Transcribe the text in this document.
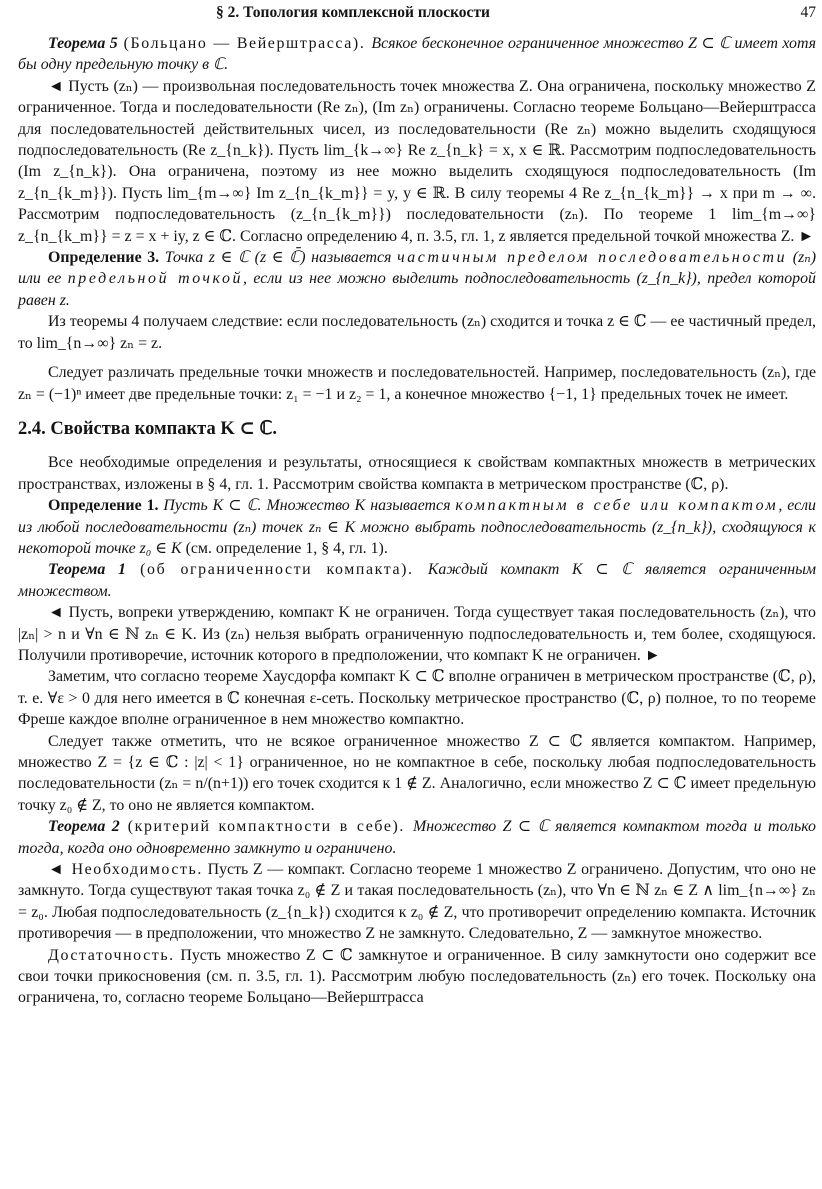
§ 2. Топология комплексной плоскости	47

Теорема 5 (Больцано — Вейерштрасса). Всякое бесконечное ограниченное множество Z ⊂ ℂ имеет хотя бы одну предельную точку в ℂ.

◄ Пусть (zₙ) — произвольная последовательность точек множества Z. Она ограничена, поскольку множество Z ограниченное. Тогда и последовательности (Re zₙ), (Im zₙ) ограничены. Согласно теореме Больцано—Вейерштрасса для последовательностей действительных чисел, из последовательности (Re zₙ) можно выделить сходящуюся подпоследовательность (Re z_{n_k}). Пусть lim_{k→∞} Re z_{n_k} = x, x ∈ ℝ. Рассмотрим подпоследовательность (Im z_{n_k}). Она ограничена, поэтому из нее можно выделить сходящуюся подпоследовательность (Im z_{n_{k_m}}). Пусть lim_{m→∞} Im z_{n_{k_m}} = y, y ∈ ℝ. В силу теоремы 4 Re z_{n_{k_m}} → x при m → ∞. Рассмотрим подпоследовательность (z_{n_{k_m}}) последовательности (zₙ). По теореме 1 lim_{m→∞} z_{n_{k_m}} = z = x + iy, z ∈ ℂ. Согласно определению 4, п. 3.5, гл. 1, z является предельной точкой множества Z. ►

Определение 3. Точка z ∈ ℂ (z ∈ ℂ̄) называется частичным пределом последовательности (zₙ) или ее предельной точкой, если из нее можно выделить подпоследовательность (z_{n_k}), предел которой равен z.

Из теоремы 4 получаем следствие: если последовательность (zₙ) сходится и точка z ∈ ℂ — ее частичный предел, то lim_{n→∞} zₙ = z.

Следует различать предельные точки множеств и последовательностей. Например, последовательность (zₙ), где zₙ = (−1)ⁿ имеет две предельные точки: z₁ = −1 и z₂ = 1, а конечное множество {−1, 1} предельных точек не имеет.

2.4. Свойства компакта K ⊂ ℂ.

Все необходимые определения и результаты, относящиеся к свойствам компактных множеств в метрических пространствах, изложены в § 4, гл. 1. Рассмотрим свойства компакта в метрическом пространстве (ℂ, ρ).

Определение 1. Пусть K ⊂ ℂ. Множество K называется компактным в себе или компактом, если из любой последовательности (zₙ) точек zₙ ∈ K можно выбрать подпоследовательность (z_{n_k}), сходящуюся к некоторой точке z₀ ∈ K (см. определение 1, § 4, гл. 1).

Теорема 1 (об ограниченности компакта). Каждый компакт K ⊂ ℂ является ограниченным множеством.

◄ Пусть, вопреки утверждению, компакт K не ограничен. Тогда существует такая последовательность (zₙ), что |zₙ| > n и ∀n ∈ ℕ zₙ ∈ K. Из (zₙ) нельзя выбрать ограниченную подпоследовательность и, тем более, сходящуюся. Получили противоречие, источник которого в предположении, что компакт K не ограничен. ►

Заметим, что согласно теореме Хаусдорфа компакт K ⊂ ℂ вполне ограничен в метрическом пространстве (ℂ, ρ), т. е. ∀ε > 0 для него имеется в ℂ конечная ε-сеть. Поскольку метрическое пространство (ℂ, ρ) полное, то по теореме Фреше каждое вполне ограниченное в нем множество компактно.

Следует также отметить, что не всякое ограниченное множество Z ⊂ ℂ является компактом. Например, множество Z = {z ∈ ℂ : |z| < 1} ограниченное, но не компактное в себе, поскольку любая подпоследовательность последовательности (zₙ = n/(n+1)) его точек сходится к 1 ∉ Z. Аналогично, если множество Z ⊂ ℂ имеет предельную точку z₀ ∉ Z, то оно не является компактом.

Теорема 2 (критерий компактности в себе). Множество Z ⊂ ℂ является компактом тогда и только тогда, когда оно одновременно замкнуто и ограничено.

◄ Необходимость. Пусть Z — компакт. Согласно теореме 1 множество Z ограничено. Допустим, что оно не замкнуто. Тогда существуют такая точка z₀ ∉ Z и такая последовательность (zₙ), что ∀n ∈ ℕ zₙ ∈ Z ∧ lim_{n→∞} zₙ = z₀. Любая подпоследовательность (z_{n_k}) сходится к z₀ ∉ Z, что противоречит определению компакта. Источник противоречия — в предположении, что множество Z не замкнуто. Следовательно, Z — замкнутое множество.

Достаточность. Пусть множество Z ⊂ ℂ замкнутое и ограниченное. В силу замкнутости оно содержит все свои точки прикосновения (см. п. 3.5, гл. 1). Рассмотрим любую последовательность (zₙ) его точек. Поскольку она ограничена, то, согласно теореме Больцано—Вейерштрасса
